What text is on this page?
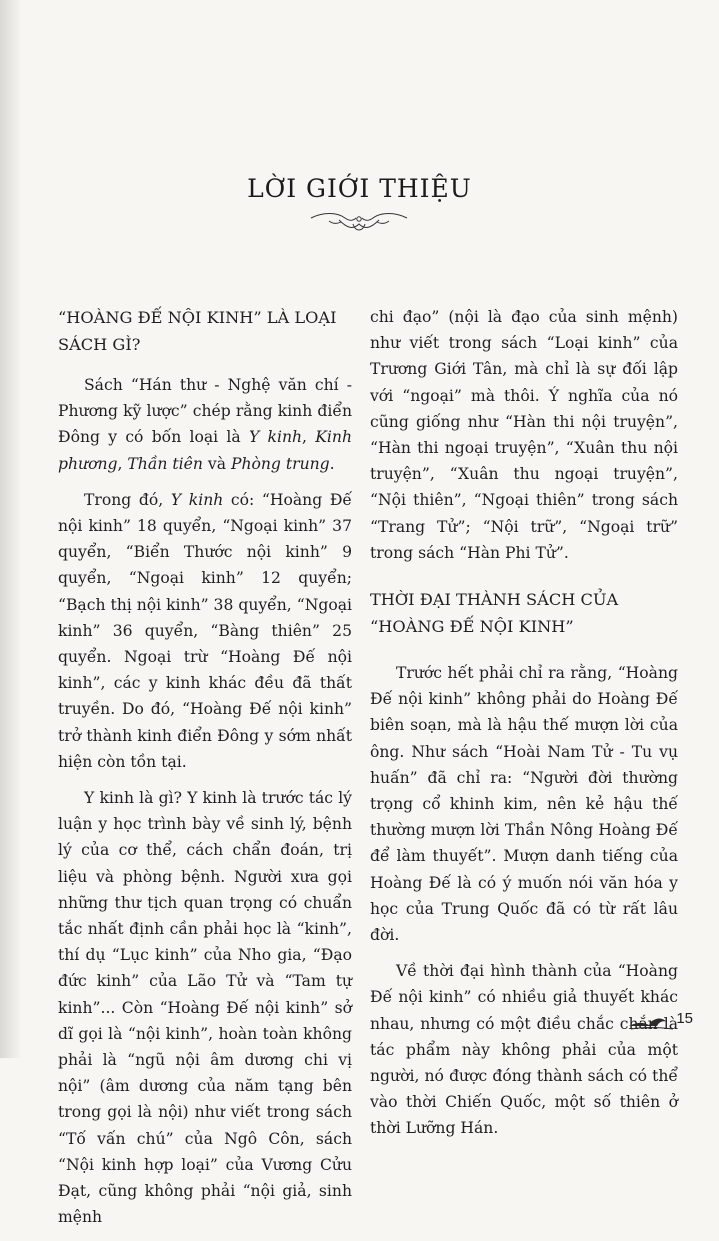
LỜI GIỚI THIỆU
“HOÀNG ĐẾ NỘI KINH” LÀ LOẠI SÁCH GÌ?

Sách “Hán thư - Nghệ văn chí - Phương kỹ lược” chép rằng kinh điển Đông y có bốn loại là Y kinh, Kinh phương, Thần tiên và Phòng trung.

Trong đó, Y kinh có: “Hoàng Đế nội kinh” 18 quyển, “Ngoại kinh” 37 quyển, “Biển Thước nội kinh” 9 quyển, “Ngoại kinh” 12 quyển; “Bạch thị nội kinh” 38 quyển, “Ngoại kinh” 36 quyển, “Bàng thiên” 25 quyển. Ngoại trừ “Hoàng Đế nội kinh”, các y kinh khác đều đã thất truyền. Do đó, “Hoàng Đế nội kinh” trở thành kinh điển Đông y sớm nhất hiện còn tồn tại.

Y kinh là gì? Y kinh là trước tác lý luận y học trình bày về sinh lý, bệnh lý của cơ thể, cách chẩn đoán, trị liệu và phòng bệnh. Người xưa gọi những thư tịch quan trọng có chuẩn tắc nhất định cần phải học là “kinh”, thí dụ “Lục kinh” của Nho gia, “Đạo đức kinh” của Lão Tử và “Tam tự kinh”... Còn “Hoàng Đế nội kinh” sở dĩ gọi là “nội kinh”, hoàn toàn không phải là “ngũ nội âm dương chi vị nội” (âm dương của năm tạng bên trong gọi là nội) như viết trong sách “Tố vấn chú” của Ngô Côn, sách “Nội kinh hợp loại” của Vương Cửu Đạt, cũng không phải “nội giả, sinh mệnh

chi đạo” (nội là đạo của sinh mệnh) như viết trong sách “Loại kinh” của Trương Giới Tân, mà chỉ là sự đối lập với “ngoại” mà thôi. Ý nghĩa của nó cũng giống như “Hàn thi nội truyện”, “Hàn thi ngoại truyện”, “Xuân thu nội truyện”, “Xuân thu ngoại truyện”, “Nội thiên”, “Ngoại thiên” trong sách “Trang Tử”; “Nội trữ”, “Ngoại trữ” trong sách “Hàn Phi Tử”.

THỜI ĐẠI THÀNH SÁCH CỦA “HOÀNG ĐẾ NỘI KINH”

Trước hết phải chỉ ra rằng, “Hoàng Đế nội kinh” không phải do Hoàng Đế biên soạn, mà là hậu thế mượn lời của ông. Như sách “Hoài Nam Tử - Tu vụ huấn” đã chỉ ra: “Người đời thường trọng cổ khinh kim, nên kẻ hậu thế thường mượn lời Thần Nông Hoàng Đế để làm thuyết”. Mượn danh tiếng của Hoàng Đế là có ý muốn nói văn hóa y học của Trung Quốc đã có từ rất lâu đời.

Về thời đại hình thành của “Hoàng Đế nội kinh” có nhiều giả thuyết khác nhau, nhưng có một điều chắc chắn là tác phẩm này không phải của một người, nó được đóng thành sách có thể vào thời Chiến Quốc, một số thiên ở thời Lưỡng Hán.

15
